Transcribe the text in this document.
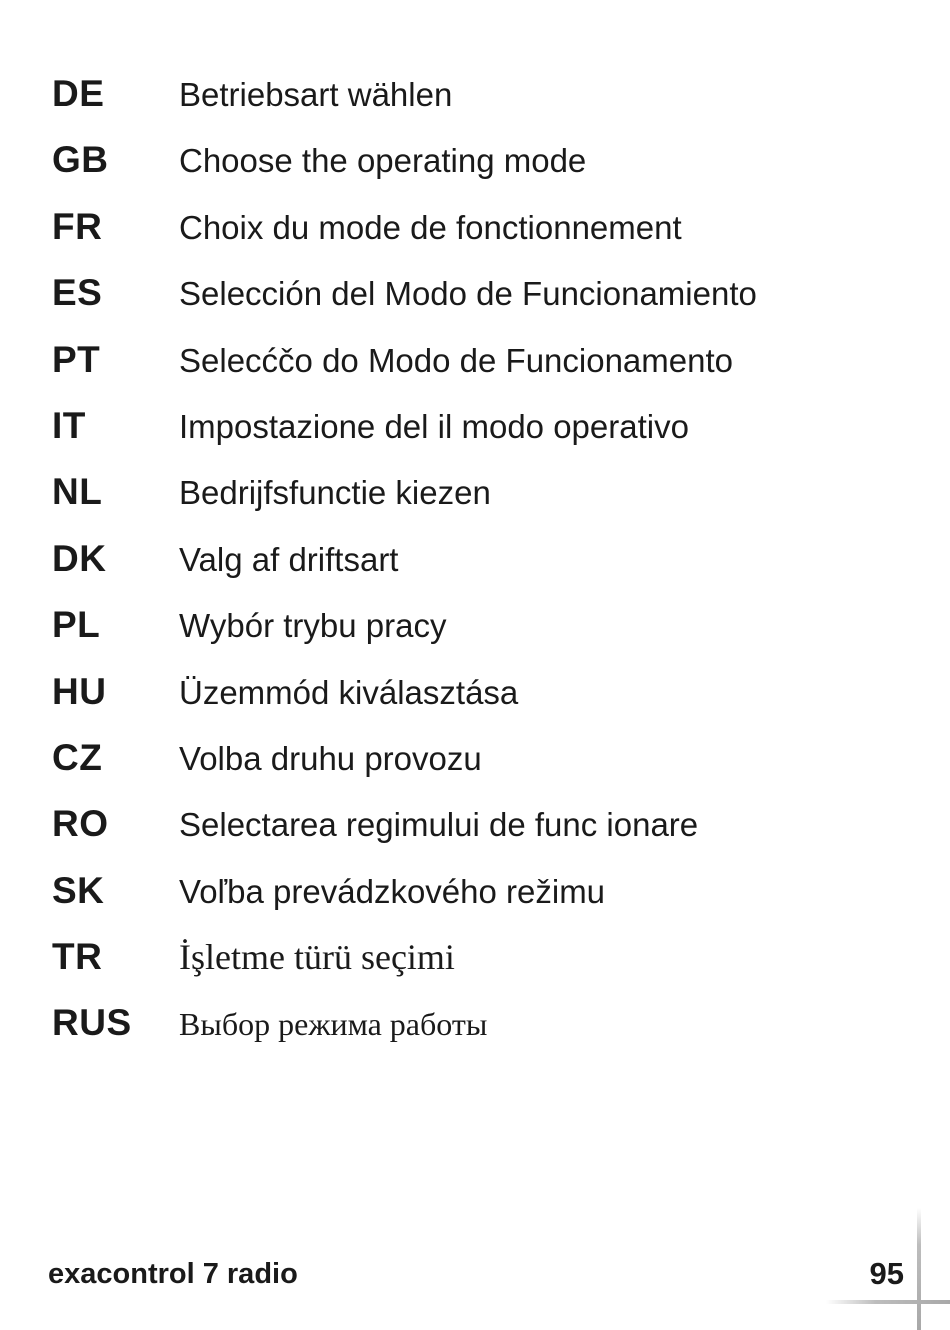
DE	Betriebsart wählen
GB	Choose the operating mode
FR	Choix du mode de fonctionnement
ES	Selección del Modo de Funcionamiento
PT	Selecćčo do Modo de Funcionamento
IT	Impostazione del il modo operativo
NL	Bedrijfsfunctie kiezen
DK	Valg af driftsart
PL	Wybór trybu pracy
HU	Üzemmód kiválasztása
CZ	Volba druhu provozu
RO	Selectarea regimului de func ionare
SK	Voľba prevádzkového režimu
TR	İşletme türü seçimi
RUS	Выбор режима работы
exacontrol 7 radio	95
